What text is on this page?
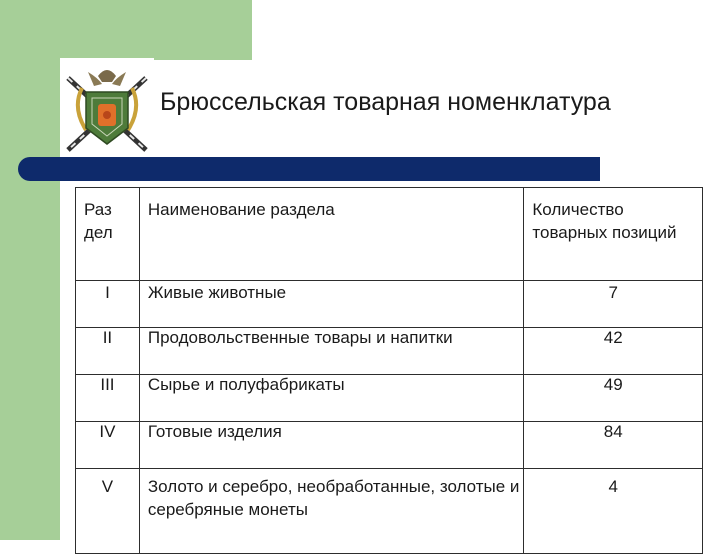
Брюссельская товарная номенклатура
Раз дел	Наименование раздела	Количество товарных позиций
I	Живые животные	7
II	Продовольственные товары и напитки	42
III	Сырье и полуфабрикаты	49
IV	Готовые изделия	84
V	Золото и серебро, необработанные, золотые и серебряные монеты	4
